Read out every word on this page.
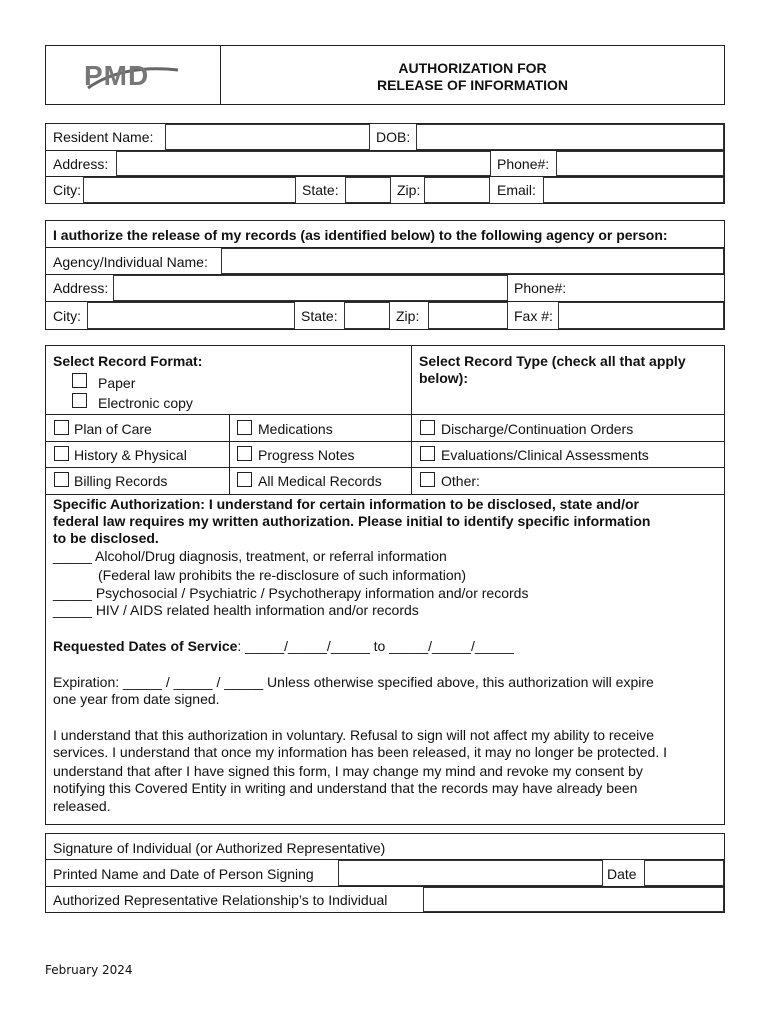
PMD	AUTHORIZATION FOR
RELEASE OF INFORMATION
Resident Name:	DOB:
Address:	Phone#:
City:	State:	Zip:	Email:
I authorize the release of my records (as identified below) to the following agency or person:
Agency/Individual Name:
Address:	Phone#:
City:	State:	Zip:	Fax #:
Select Record Format:
Paper
Electronic copy
Select Record Type (check all that apply
below):
Plan of Care	Medications	Discharge/Continuation Orders
History & Physical	Progress Notes	Evaluations/Clinical Assessments
Billing Records	All Medical Records	Other:
Specific Authorization: I understand for certain information to be disclosed, state and/or
federal law requires my written authorization. Please initial to identify specific information
to be disclosed.
_____ Alcohol/Drug diagnosis, treatment, or referral information
(Federal law prohibits the re-disclosure of such information)
_____ Psychosocial / Psychiatric / Psychotherapy information and/or records
_____ HIV / AIDS related health information and/or records
Requested Dates of Service: _____/_____/_____ to _____/_____/_____
Expiration: _____ / _____ / _____ Unless otherwise specified above, this authorization will expire
one year from date signed.
I understand that this authorization in voluntary. Refusal to sign will not affect my ability to receive
services. I understand that once my information has been released, it may no longer be protected. I
understand that after I have signed this form, I may change my mind and revoke my consent by
notifying this Covered Entity in writing and understand that the records may have already been
released.
Signature of Individual (or Authorized Representative)
Printed Name and Date of Person Signing	Date
Authorized Representative Relationship’s to Individual
February 2024
